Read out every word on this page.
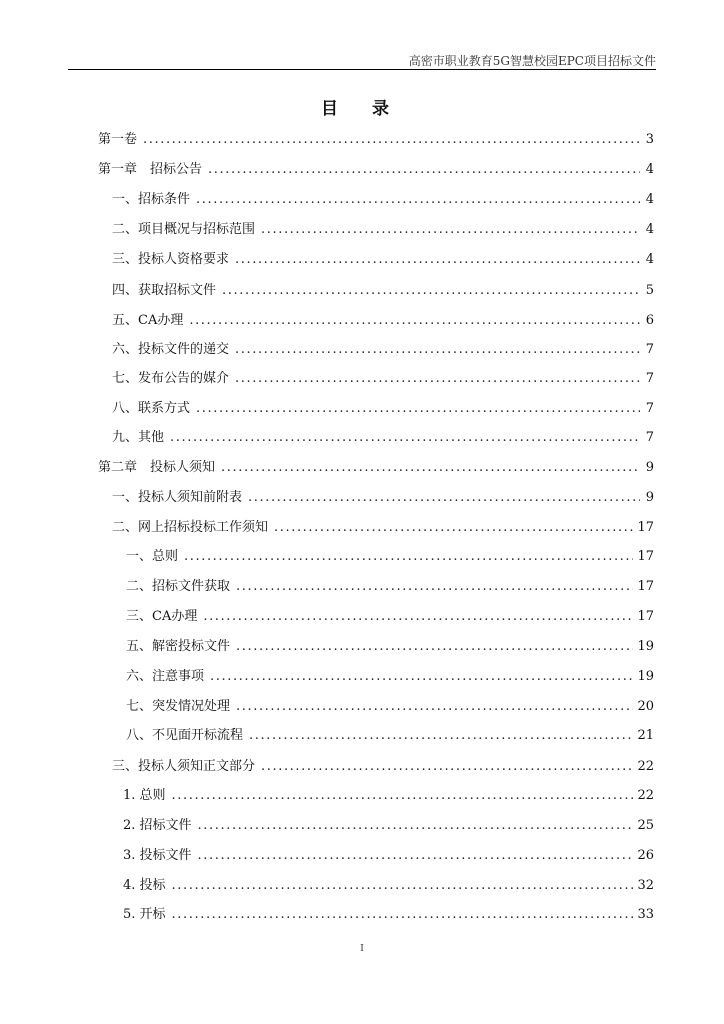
高密市职业教育5G智慧校园EPC项目招标文件
目 录
第一卷 .....	3
第一章　招标公告 .....	4
一、招标条件 .....	4
二、项目概况与招标范围 .....	4
三、投标人资格要求 .....	4
四、获取招标文件 .....	5
五、CA办理 .....	6
六、投标文件的递交 .....	7
七、发布公告的媒介 .....	7
八、联系方式 .....	7
九、其他 .....	7
第二章　投标人须知 .....	9
一、投标人须知前附表 .....	9
二、网上招标投标工作须知 .....	17
一、总则 .....	17
二、招标文件获取 .....	17
三、CA办理 .....	17
五、解密投标文件 .....	19
六、注意事项 .....	19
七、突发情况处理 .....	20
八、不见面开标流程 .....	21
三、投标人须知正文部分 .....	22
1. 总则 .....	22
2. 招标文件 .....	25
3. 投标文件 .....	26
4. 投标 .....	32
5. 开标 .....	33
I
